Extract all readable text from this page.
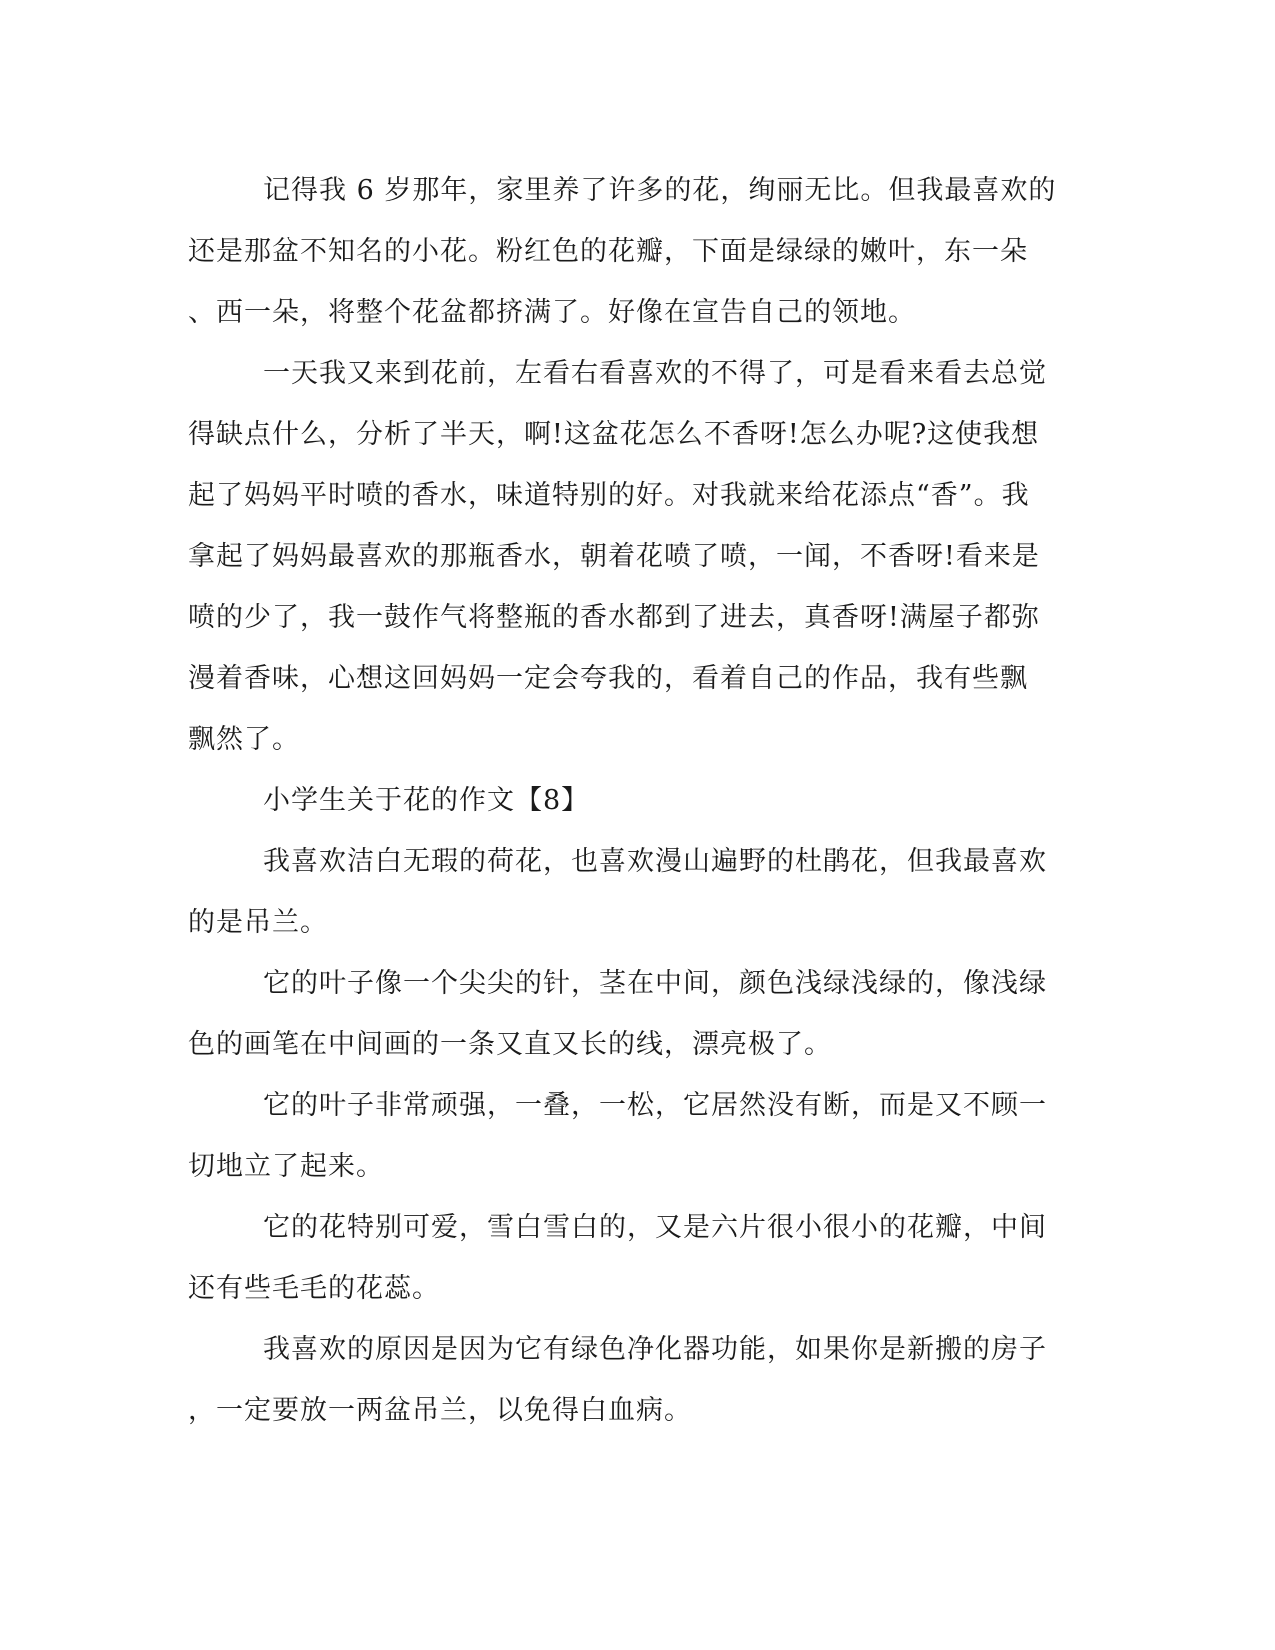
记得我 6 岁那年，家里养了许多的花，绚丽无比。但我最喜欢的
还是那盆不知名的小花。粉红色的花瓣，下面是绿绿的嫩叶，东一朵
、西一朵，将整个花盆都挤满了。好像在宣告自己的领地。
一天我又来到花前，左看右看喜欢的不得了，可是看来看去总觉
得缺点什么，分析了半天，啊!这盆花怎么不香呀!怎么办呢?这使我想
起了妈妈平时喷的香水，味道特别的好。对我就来给花添点“香”。我
拿起了妈妈最喜欢的那瓶香水，朝着花喷了喷，一闻，不香呀!看来是
喷的少了，我一鼓作气将整瓶的香水都到了进去，真香呀!满屋子都弥
漫着香味，心想这回妈妈一定会夸我的，看着自己的作品，我有些飘
飘然了。
小学生关于花的作文【8】
我喜欢洁白无瑕的荷花，也喜欢漫山遍野的杜鹃花，但我最喜欢
的是吊兰。
它的叶子像一个尖尖的针，茎在中间，颜色浅绿浅绿的，像浅绿
色的画笔在中间画的一条又直又长的线，漂亮极了。
它的叶子非常顽强，一叠，一松，它居然没有断，而是又不顾一
切地立了起来。
它的花特别可爱，雪白雪白的，又是六片很小很小的花瓣，中间
还有些毛毛的花蕊。
我喜欢的原因是因为它有绿色净化器功能，如果你是新搬的房子
，一定要放一两盆吊兰，以免得白血病。
